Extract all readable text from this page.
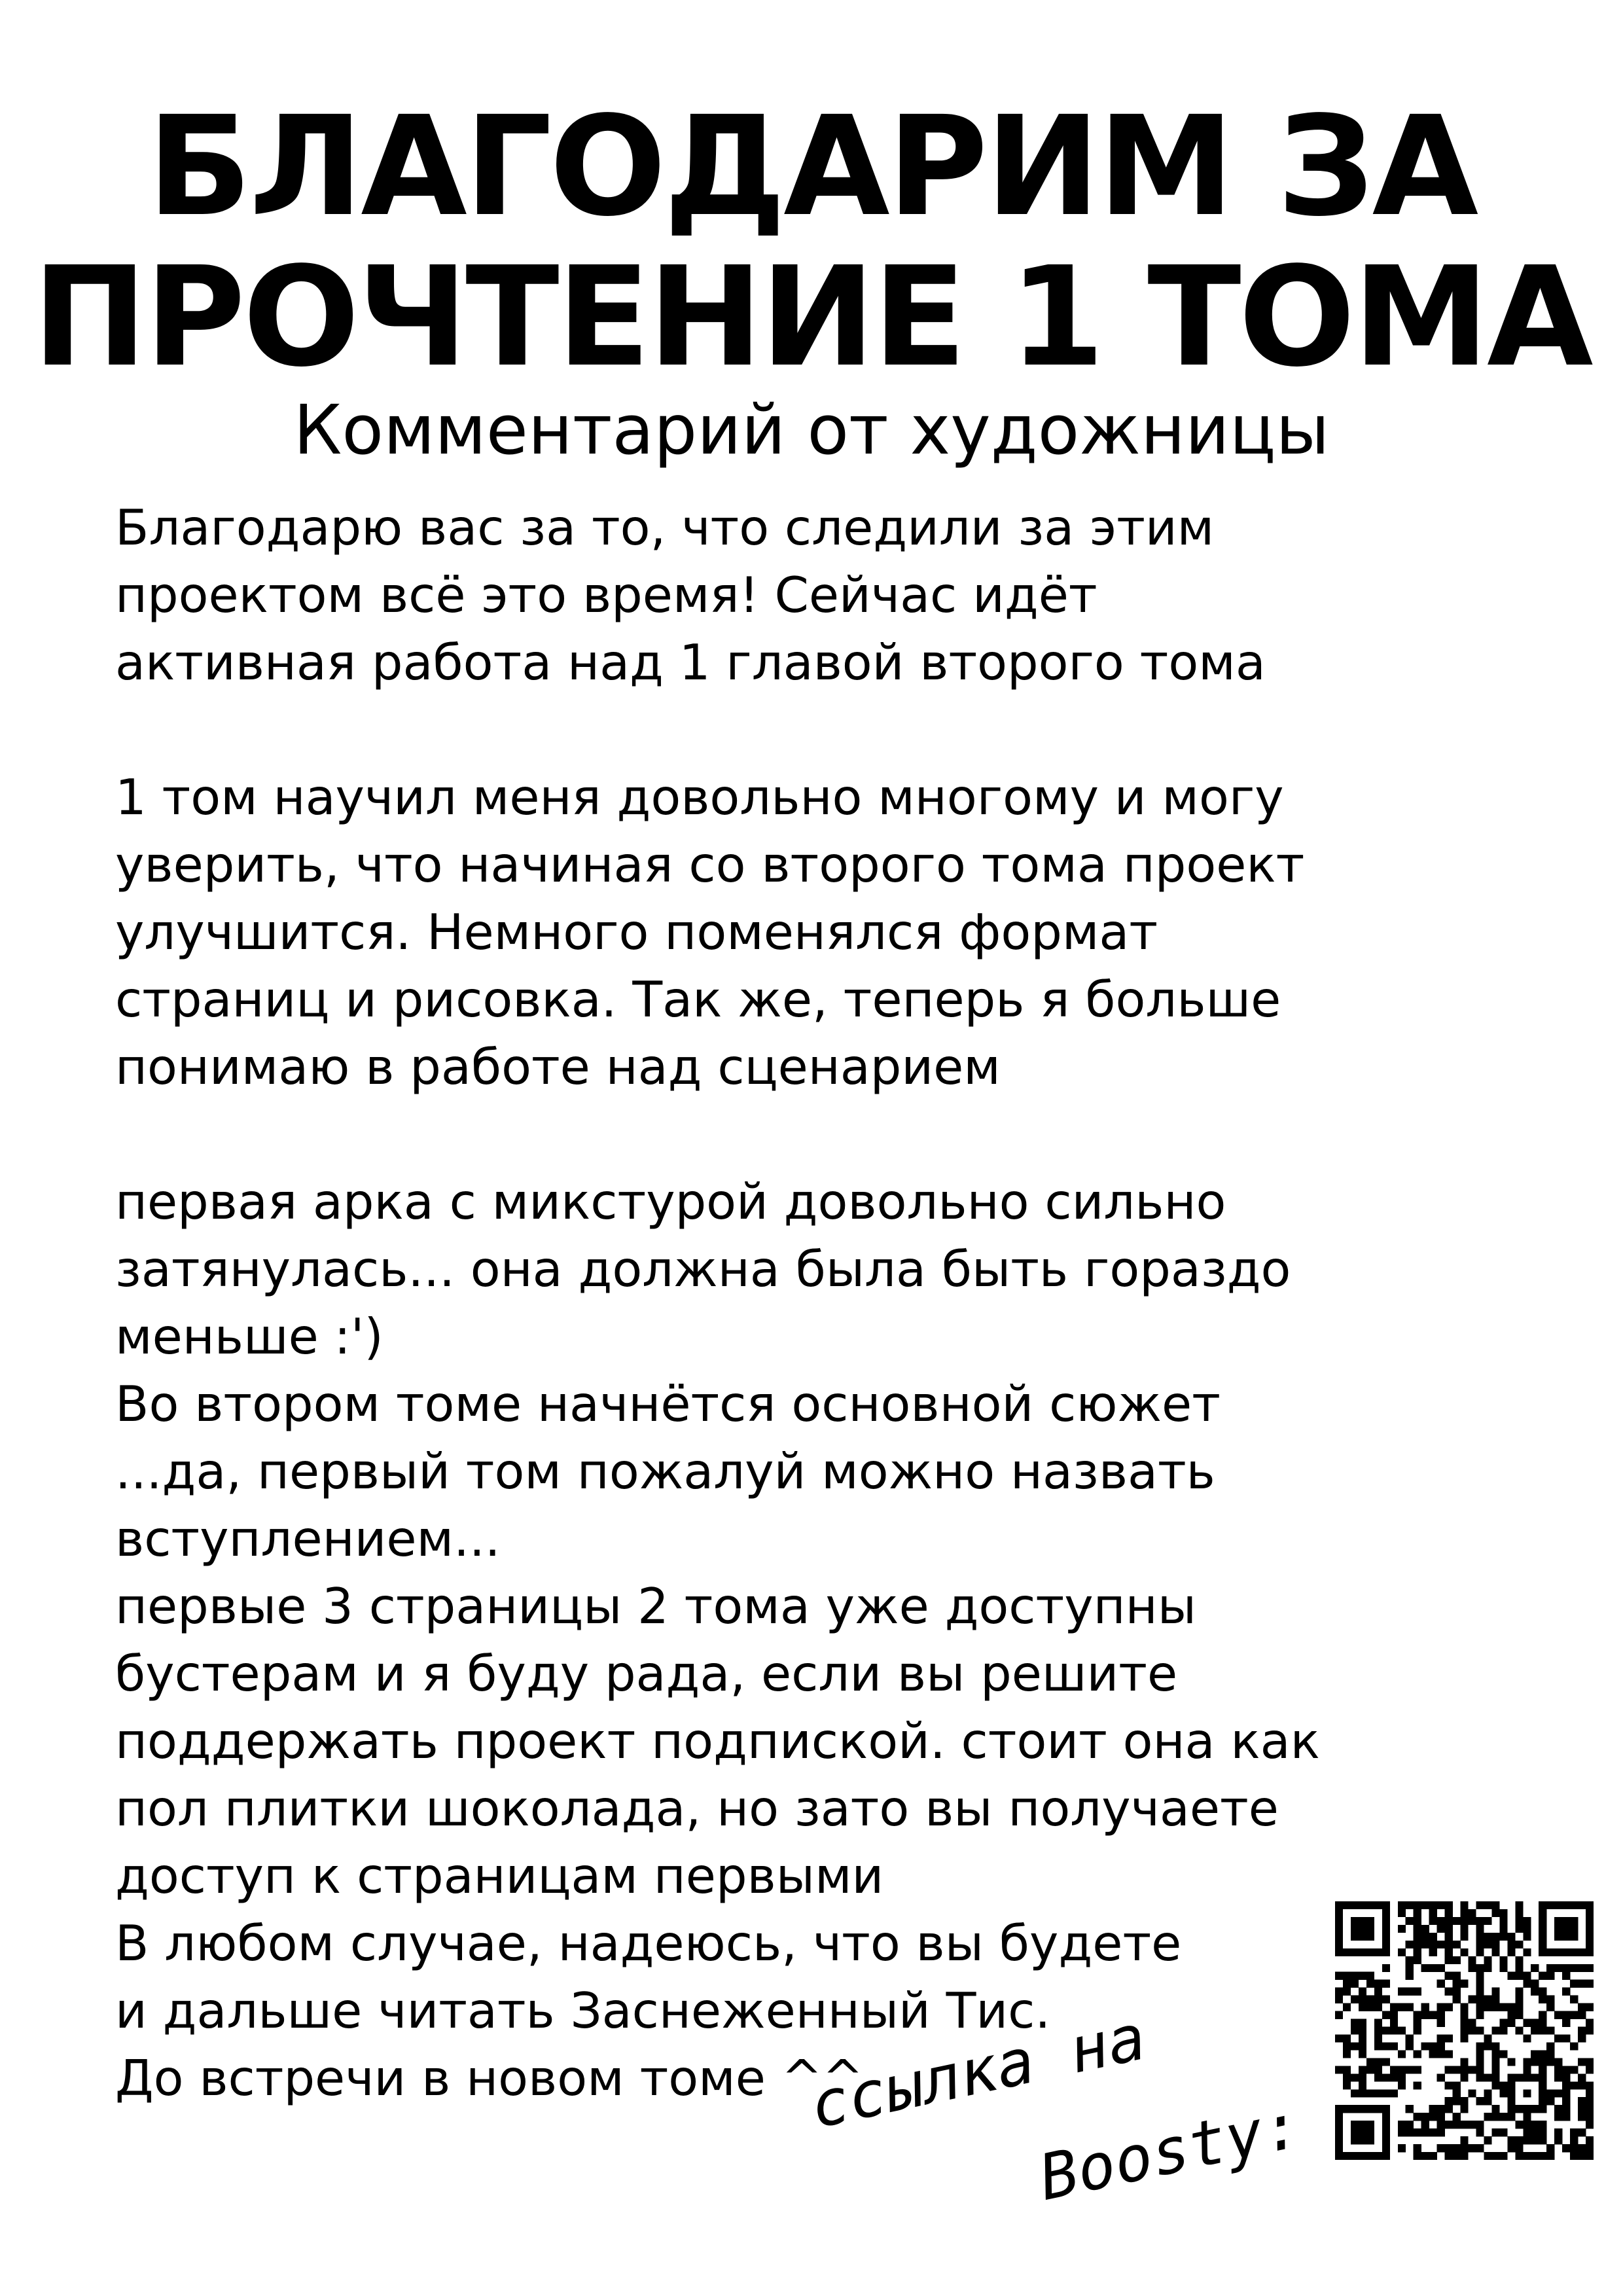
БЛАГОДАРИМ ЗА
ПРОЧТЕНИЕ 1 ТОМА
Комментарий от художницы
Благодарю вас за то, что следили за этим
проектом всё это время! Сейчас идёт
активная работа над 1 главой второго тома
1 том научил меня довольно многому и могу
уверить, что начиная со второго тома проект
улучшится. Немного поменялся формат
страниц и рисовка. Так же, теперь я больше
понимаю в работе над сценарием
первая арка с микстурой довольно сильно
затянулась... она должна была быть гораздо
меньше :')
Во втором томе начнётся основной сюжет
...да, первый том пожалуй можно назвать
вступлением...
первые 3 страницы 2 тома уже доступны
бустерам и я буду рада, если вы решите
поддержать проект подпиской. стоит она как
пол плитки шоколада, но зато вы получаете
доступ к страницам первыми
В любом случае, надеюсь, что вы будете
и дальше читать Заснеженный Тис.
До встречи в новом томе ^^
ссылка на
Boosty:
